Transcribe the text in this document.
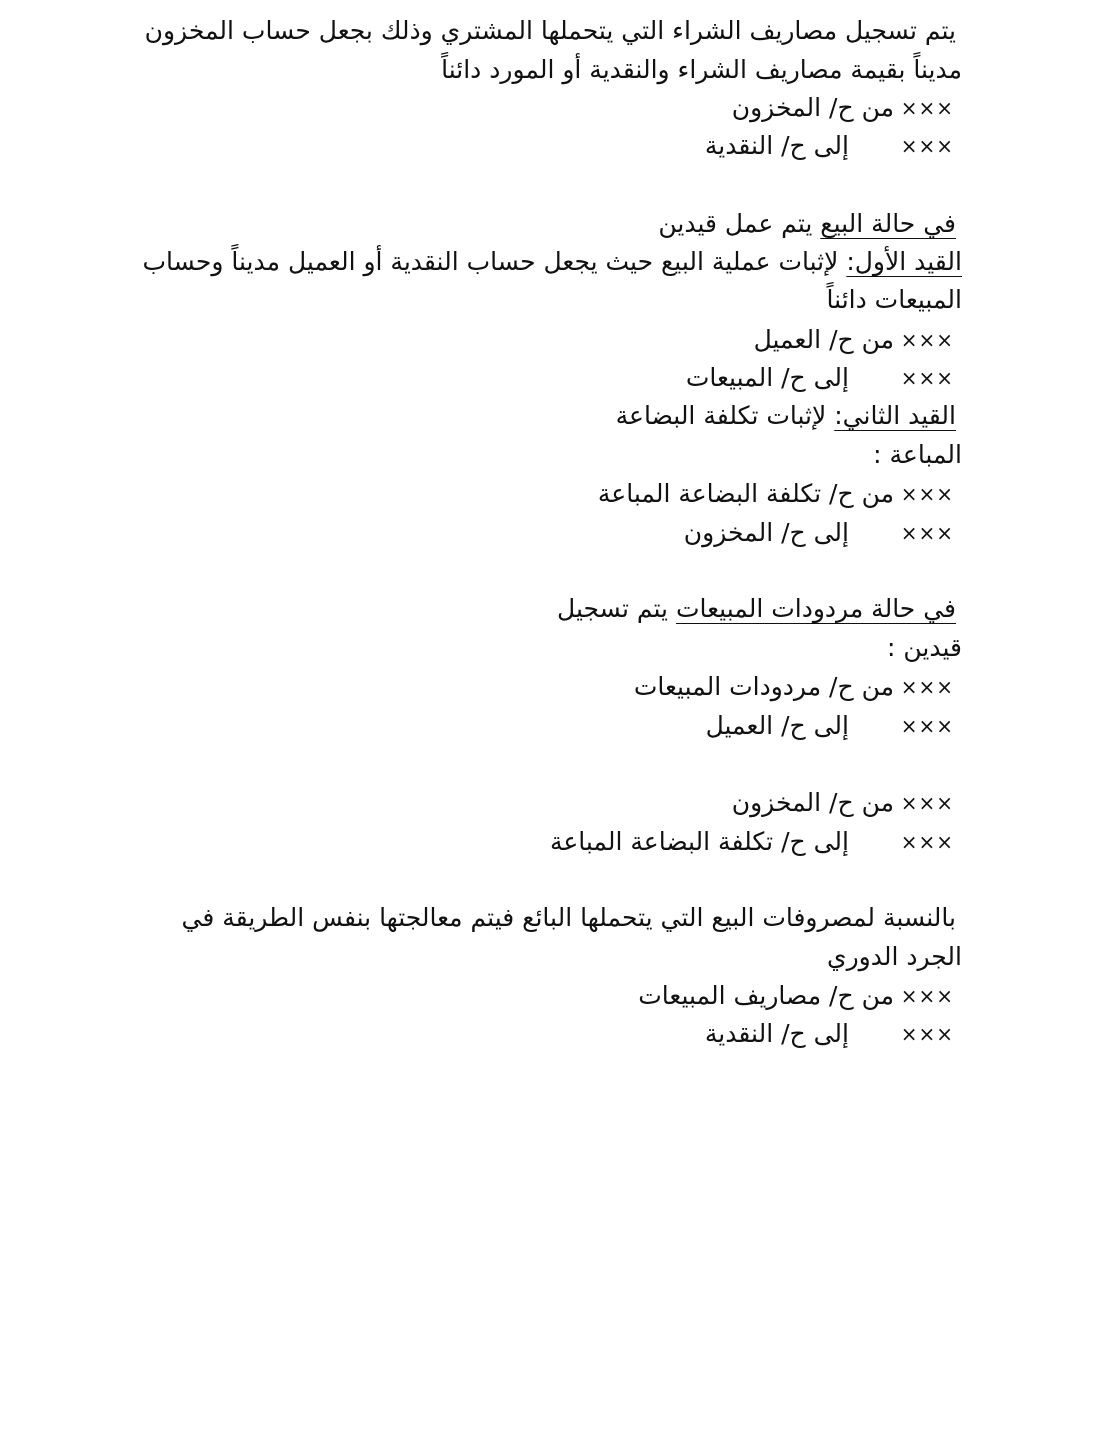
يتم تسجيل مصاريف الشراء التي يتحملها المشتري وذلك بجعل حساب المخزون
مديناً بقيمة مصاريف الشراء والنقدية أو المورد دائناً
×××
من ح/ المخزون
×××
إلى ح/ النقدية
في حالة البيع يتم عمل قيدين
القيد الأول: لإثبات عملية البيع حيث يجعل حساب النقدية أو العميل مديناً وحساب
المبيعات دائناً
×××
من ح/ العميل
×××
إلى ح/ المبيعات
القيد الثاني: لإثبات تكلفة البضاعة
المباعة :
×××
من ح/ تكلفة البضاعة المباعة
×××
إلى ح/ المخزون
في حالة مردودات المبيعات يتم تسجيل
قيدين :
×××
من ح/ مردودات المبيعات
×××
إلى ح/ العميل
×××
من ح/ المخزون
×××
إلى ح/ تكلفة البضاعة المباعة
بالنسبة لمصروفات البيع التي يتحملها البائع فيتم معالجتها بنفس الطريقة في
الجرد الدوري
×××
من ح/ مصاريف المبيعات
×××
إلى ح/ النقدية
